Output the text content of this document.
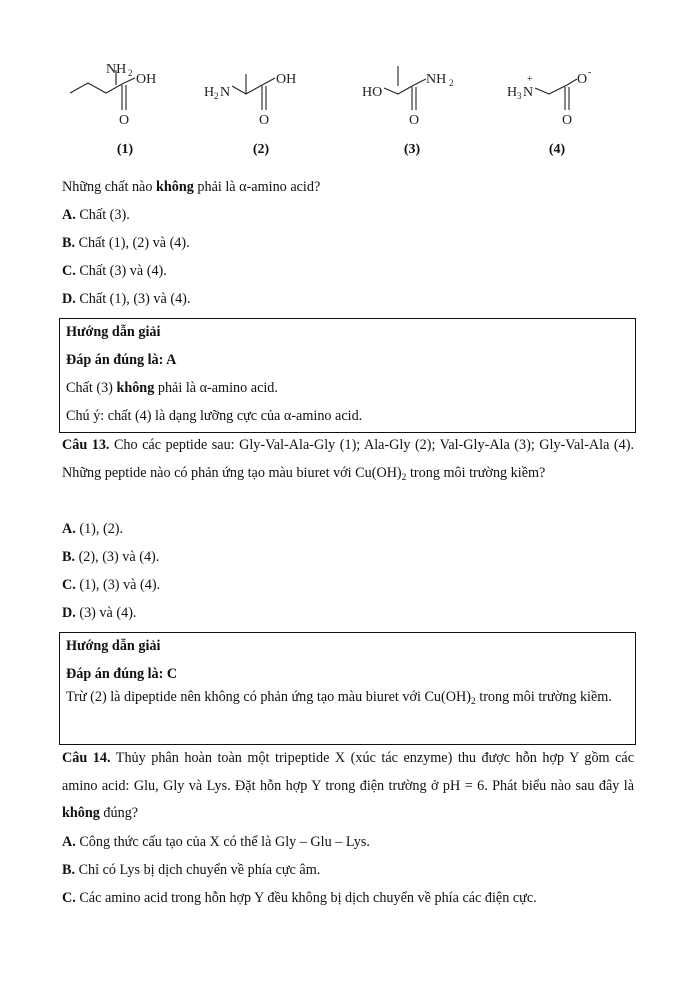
NH 2 OH
O
(1)
H 2 N
OH
O
(2)
HO
NH 2
O
(3)
H 3 N
+	O -
O
(4)
Những chất nào không phải là α-amino acid?
A. Chất (3).
B. Chất (1), (2) và (4).
C. Chất (3) và (4).
D. Chất (1), (3) và (4).
Hướng dẫn giải
Đáp án đúng là: A
Chất (3) không phải là α-amino acid.
Chú ý: chất (4) là dạng lưỡng cực của α-amino acid.
Câu 13. Cho các peptide sau: Gly-Val-Ala-Gly (1); Ala-Gly (2); Val-Gly-Ala (3); Gly-Val-Ala (4). Những peptide nào có phản ứng tạo màu biuret với $Cu(OH)_2$ trong môi trường kiềm?
A. (1), (2).
B. (2), (3) và (4).
C. (1), (3) và (4).
D. (3) và (4).
Hướng dẫn giải
Đáp án đúng là: C
Trừ (2) là dipeptide nên không có phản ứng tạo màu biuret với $Cu(OH)_2$ trong môi trường kiềm.
Câu 14. Thủy phân hoàn toàn một tripeptide X (xúc tác enzyme) thu được hỗn hợp Y gồm các amino acid: Glu, Gly và Lys. Đặt hỗn hợp Y trong điện trường ở pH = 6. Phát biểu nào sau đây là không đúng?
A. Công thức cấu tạo của X có thể là Gly – Glu – Lys.
B. Chỉ có Lys bị dịch chuyển về phía cực âm.
C. Các amino acid trong hỗn hợp Y đều không bị dịch chuyển về phía các điện cực.
